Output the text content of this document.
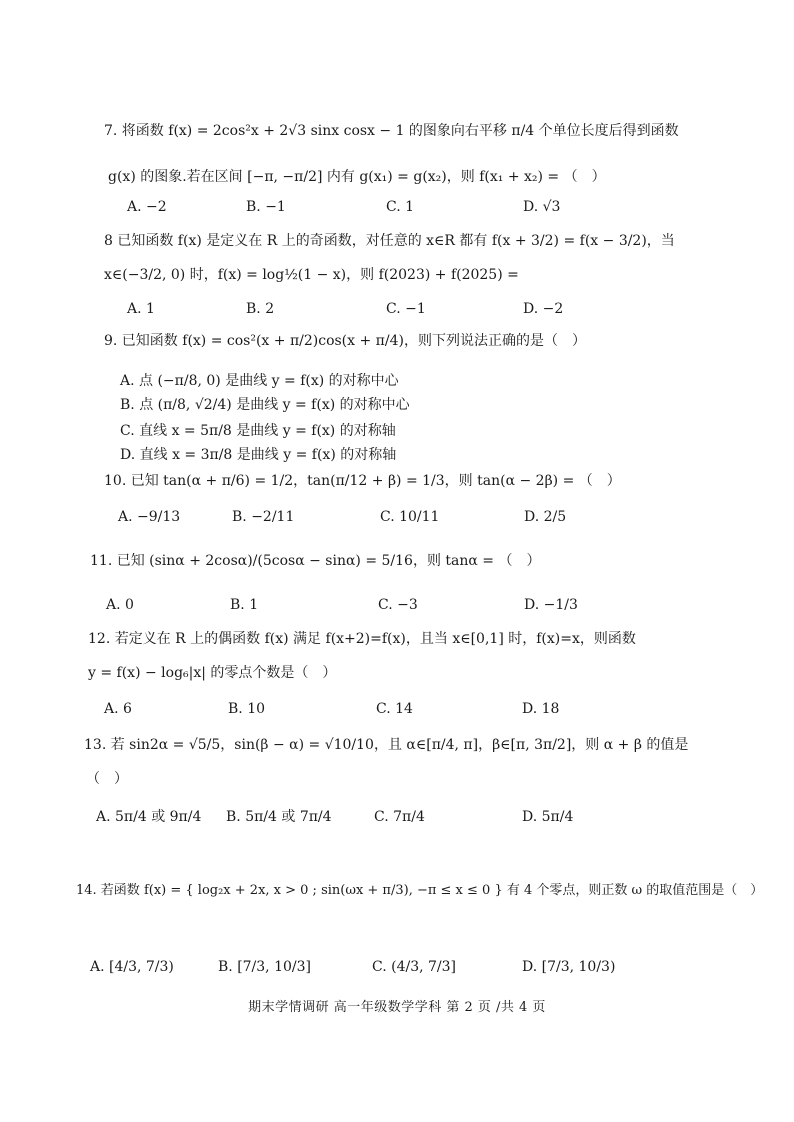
7. 将函数 f(x) = 2cos²x + 2√3 sinx cosx − 1 的图象向右平移 π/4 个单位长度后得到函数
g(x) 的图象.若在区间 [−π, −π/2] 内有 g(x₁) = g(x₂)，则 f(x₁ + x₂) = （　）
A. −2	B. −1	C. 1	D. √3
8 已知函数 f(x) 是定义在 R 上的奇函数，对任意的 x∈R 都有 f(x + 3/2) = f(x − 3/2)，当
x∈(−3/2, 0) 时，f(x) = log½(1 − x)，则 f(2023) + f(2025) =
A. 1	B. 2	C. −1	D. −2
9. 已知函数 f(x) = cos²(x + π/2)cos(x + π/4)，则下列说法正确的是（　）
A. 点 (−π/8, 0) 是曲线 y = f(x) 的对称中心
B. 点 (π/8, √2/4) 是曲线 y = f(x) 的对称中心
C. 直线 x = 5π/8 是曲线 y = f(x) 的对称轴
D. 直线 x = 3π/8 是曲线 y = f(x) 的对称轴
10. 已知 tan(α + π/6) = 1/2，tan(π/12 + β) = 1/3，则 tan(α − 2β) = （　）
A. −9/13	B. −2/11	C. 10/11	D. 2/5
11. 已知 (sinα + 2cosα)/(5cosα − sinα) = 5/16，则 tanα = （　）
A. 0	B. 1	C. −3	D. −1/3
12. 若定义在 R 上的偶函数 f(x) 满足 f(x+2)=f(x)，且当 x∈[0,1] 时，f(x)=x，则函数
y = f(x) − log₆|x| 的零点个数是（　）
A. 6	B. 10	C. 14	D. 18
13. 若 sin2α = √5/5，sin(β − α) = √10/10，且 α∈[π/4, π]，β∈[π, 3π/2]，则 α + β 的值是
（　）
A. 5π/4 或 9π/4 B. 5π/4 或 7π/4	C. 7π/4	D. 5π/4
14. 若函数 f(x) = { log₂x + 2x, x > 0 ; sin(ωx + π/3), −π ≤ x ≤ 0 } 有 4 个零点，则正数 ω 的取值范围是（　）
A. [4/3, 7/3)	B. [7/3, 10/3]	C. (4/3, 7/3]	D. [7/3, 10/3)
期末学情调研 高一年级数学学科 第 2 页 /共 4 页
